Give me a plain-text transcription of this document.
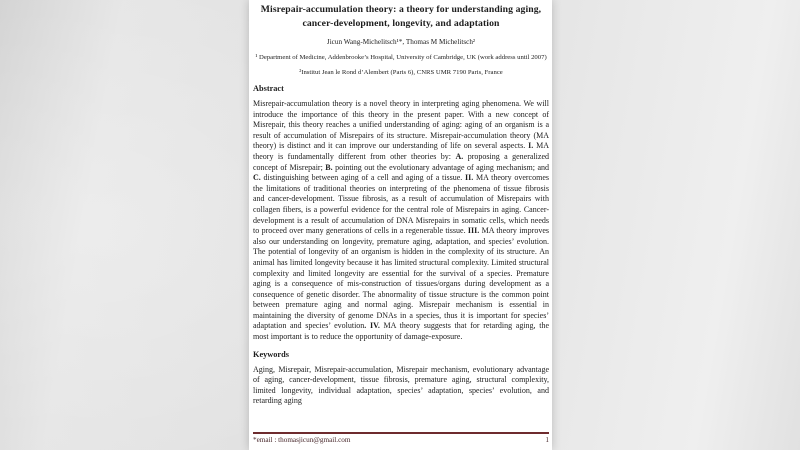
Misrepair-accumulation theory: a theory for understanding aging, cancer-development, longevity, and adaptation

Jicun Wang-Michelitsch¹*, Thomas M Michelitsch²

¹ Department of Medicine, Addenbrooke’s Hospital, University of Cambridge, UK (work address until 2007)

²Institut Jean le Rond d’Alembert (Paris 6), CNRS UMR 7190 Paris, France

Abstract

Misrepair-accumulation theory is a novel theory in interpreting aging phenomena. We will introduce the importance of this theory in the present paper. With a new concept of Misrepair, this theory reaches a unified understanding of aging: aging of an organism is a result of accumulation of Misrepairs of its structure. Misrepair-accumulation theory (MA theory) is distinct and it can improve our understanding of life on several aspects. I. MA theory is fundamentally different from other theories by: A. proposing a generalized concept of Misrepair; B. pointing out the evolutionary advantage of aging mechanism; and C. distinguishing between aging of a cell and aging of a tissue. II. MA theory overcomes the limitations of traditional theories on interpreting of the phenomena of tissue fibrosis and cancer-development. Tissue fibrosis, as a result of accumulation of Misrepairs with collagen fibers, is a powerful evidence for the central role of Misrepairs in aging. Cancer-development is a result of accumulation of DNA Misrepairs in somatic cells, which needs to proceed over many generations of cells in a regenerable tissue. III. MA theory improves also our understanding on longevity, premature aging, adaptation, and species’ evolution. The potential of longevity of an organism is hidden in the complexity of its structure. An animal has limited longevity because it has limited structural complexity. Limited structural complexity and limited longevity are essential for the survival of a species. Premature aging is a consequence of mis-construction of tissues/organs during development as a consequence of genetic disorder. The abnormality of tissue structure is the common point between premature aging and normal aging. Misrepair mechanism is essential in maintaining the diversity of genome DNAs in a species, thus it is important for species’ adaptation and species’ evolution. IV. MA theory suggests that for retarding aging, the most important is to reduce the opportunity of damage-exposure.

Keywords

Aging, Misrepair, Misrepair-accumulation, Misrepair mechanism, evolutionary advantage of aging, cancer-development, tissue fibrosis, premature aging, structural complexity, limited longevity, individual adaptation, species’ adaptation, species’ evolution, and retarding aging

*email : thomasjicun@gmail.com	1
